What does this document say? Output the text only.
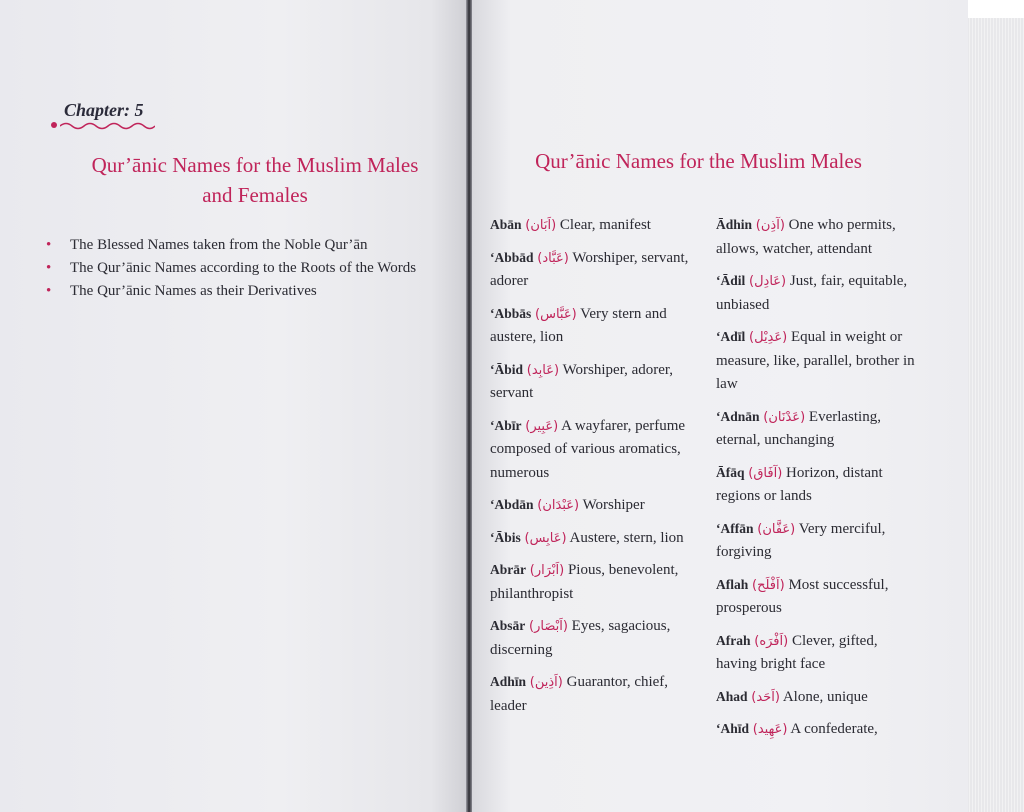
Chapter: 5
Qur’ānic Names for the Muslim Males
and Females
• The Blessed Names taken from the Noble Qur’ān
• The Qur’ānic Names according to the Roots of the Words
• The Qur’ānic Names as their Derivatives
Qur’ānic Names for the Muslim Males
Abān (اَبَان) Clear, manifest
‘Abbād (عَبَّاد) Worshiper, servant, adorer
‘Abbās (عَبَّاس) Very stern and austere, lion
‘Ābid (عَابِد) Worshiper, adorer, servant
‘Abīr (عَبِير) A wayfarer, perfume composed of various aromatics, numerous
‘Abdān (عَبْدَان) Worshiper
‘Ābis (عَابِس) Austere, stern, lion
Abrār (اَبْرَار) Pious, benevolent, philanthropist
Absār (اَبْصَار) Eyes, sagacious, discerning
Adhīn (اَذِين) Guarantor, chief, leader
Ādhin (آذِن) One who permits, allows, watcher, attendant
‘Ādil (عَادِل) Just, fair, equitable, unbiased
‘Adīl (عَدِيْل) Equal in weight or measure, like, parallel, brother in law
‘Adnān (عَدْنَان) Everlasting, eternal, unchanging
Āfāq (آفَاق) Horizon, distant regions or lands
‘Affān (عَفَّان) Very merciful, forgiving
Aflah (اَفْلَح) Most successful, prosperous
Afrah (اَفْرَه) Clever, gifted, having bright face
Ahad (اَحَد) Alone, unique
‘Ahīd (عَهِيد) A confederate,
